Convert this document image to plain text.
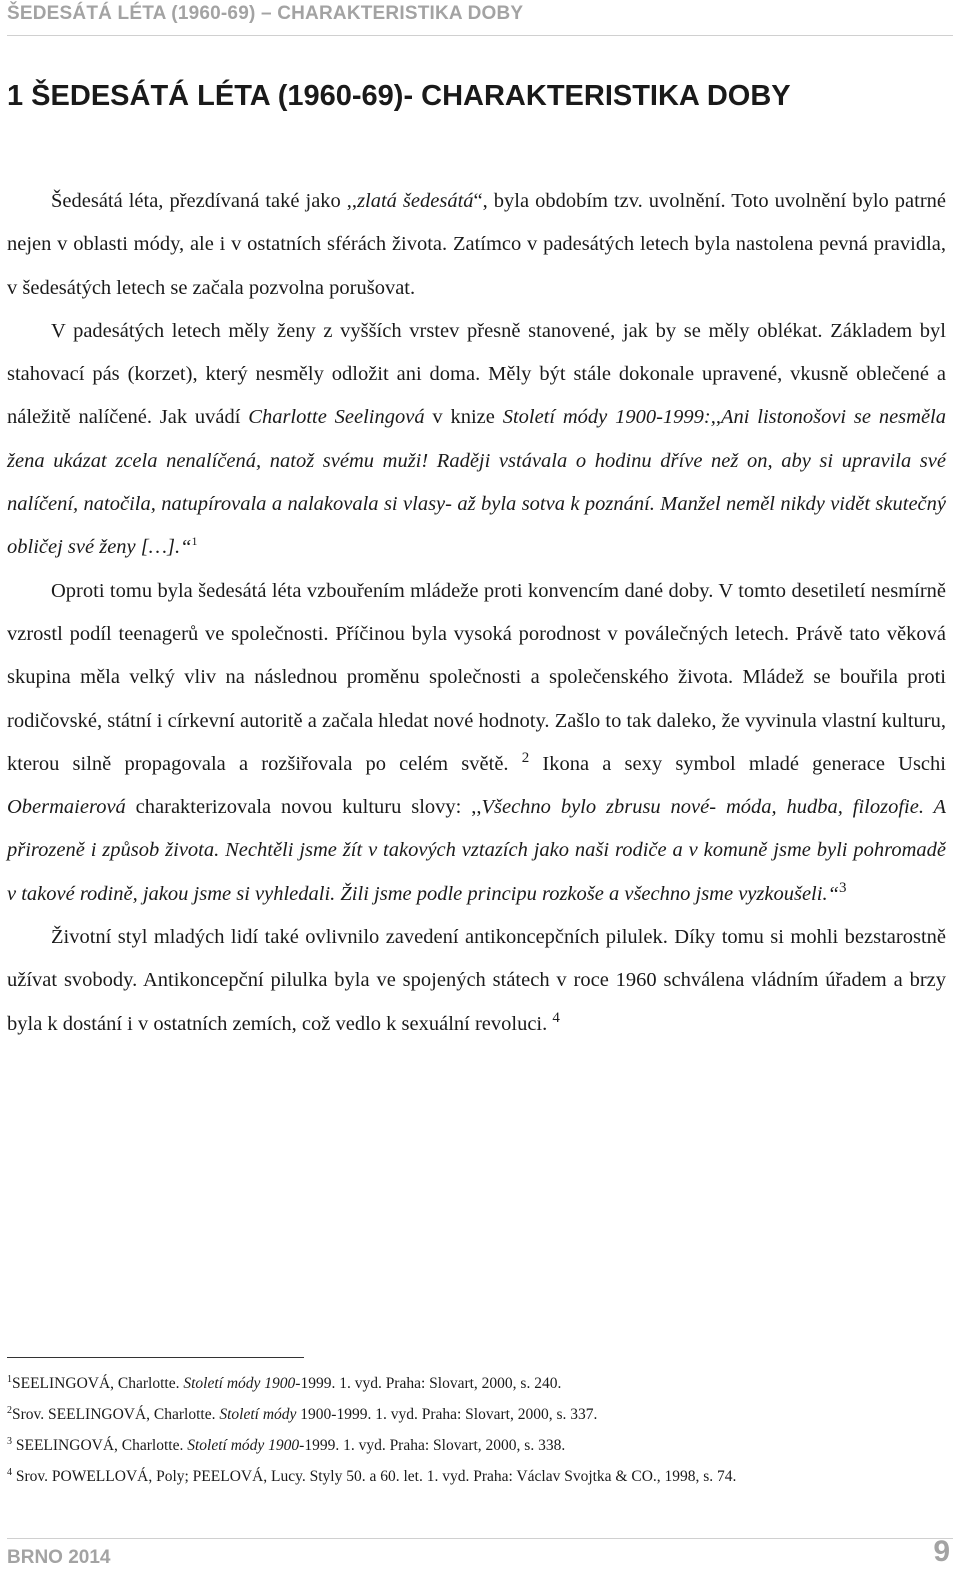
ŠEDESÁTÁ LÉTA (1960-69) – CHARAKTERISTIKA DOBY
1 ŠEDESÁTÁ LÉTA (1960-69)- CHARAKTERISTIKA DOBY

Šedesátá léta, přezdívaná také jako ,,zlatá šedesátá“, byla obdobím tzv. uvolnění. Toto uvolnění bylo patrné nejen v oblasti módy, ale i v ostatních sférách života. Zatímco v padesátých letech byla nastolena pevná pravidla, v šedesátých letech se začala pozvolna porušovat.

V padesátých letech měly ženy z vyšších vrstev přesně stanovené, jak by se měly oblékat. Základem byl stahovací pás (korzet), který nesměly odložit ani doma. Měly být stále dokonale upravené, vkusně oblečené a náležitě nalíčené. Jak uvádí Charlotte Seelingová v knize Století módy 1900-1999:,,Ani listonošovi se nesměla žena ukázat zcela nenalíčená, natož svému muži! Raději vstávala o hodinu dříve než on, aby si upravila své nalíčení, natočila, natupírovala a nalakovala si vlasy- až byla sotva k poznání. Manžel neměl nikdy vidět skutečný obličej své ženy […].“$^1$

Oproti tomu byla šedesátá léta vzbouřením mládeže proti konvencím dané doby. V tomto desetiletí nesmírně vzrostl podíl teenagerů ve společnosti. Příčinou byla vysoká porodnost v poválečných letech. Právě tato věková skupina měla velký vliv na následnou proměnu společnosti a společenského života. Mládež se bouřila proti rodičovské, státní i církevní autoritě a začala hledat nové hodnoty. Zašlo to tak daleko, že vyvinula vlastní kulturu, kterou silně propagovala a rozšiřovala po celém světě. $^2$ Ikona a sexy symbol mladé generace Uschi Obermaierová charakterizovala novou kulturu slovy: ,,Všechno bylo zbrusu nové- móda, hudba, filozofie. A přirozeně i způsob života. Nechtěli jsme žít v takových vztazích jako naši rodiče a v komuně jsme byli pohromadě v takové rodině, jakou jsme si vyhledali. Žili jsme podle principu rozkoše a všechno jsme vyzkoušeli.“$^3$

Životní styl mladých lidí také ovlivnilo zavedení antikoncepčních pilulek. Díky tomu si mohli bezstarostně užívat svobody. Antikoncepční pilulka byla ve spojených státech v roce 1960 schválena vládním úřadem a brzy byla k dostání i v ostatních zemích, což vedlo k sexuální revoluci. $^4$

$^1$SEELINGOVÁ, Charlotte. Století módy 1900-1999. 1. vyd. Praha: Slovart, 2000, s. 240.
$^2$Srov. SEELINGOVÁ, Charlotte. Století módy 1900-1999. 1. vyd. Praha: Slovart, 2000, s. 337.
$^3$ SEELINGOVÁ, Charlotte. Století módy 1900-1999. 1. vyd. Praha: Slovart, 2000, s. 338.
$^4$ Srov. POWELLOVÁ, Poly; PEELOVÁ, Lucy. Styly 50. a 60. let. 1. vyd. Praha: Václav Svojtka & CO., 1998, s. 74.
BRNO 2014	9
